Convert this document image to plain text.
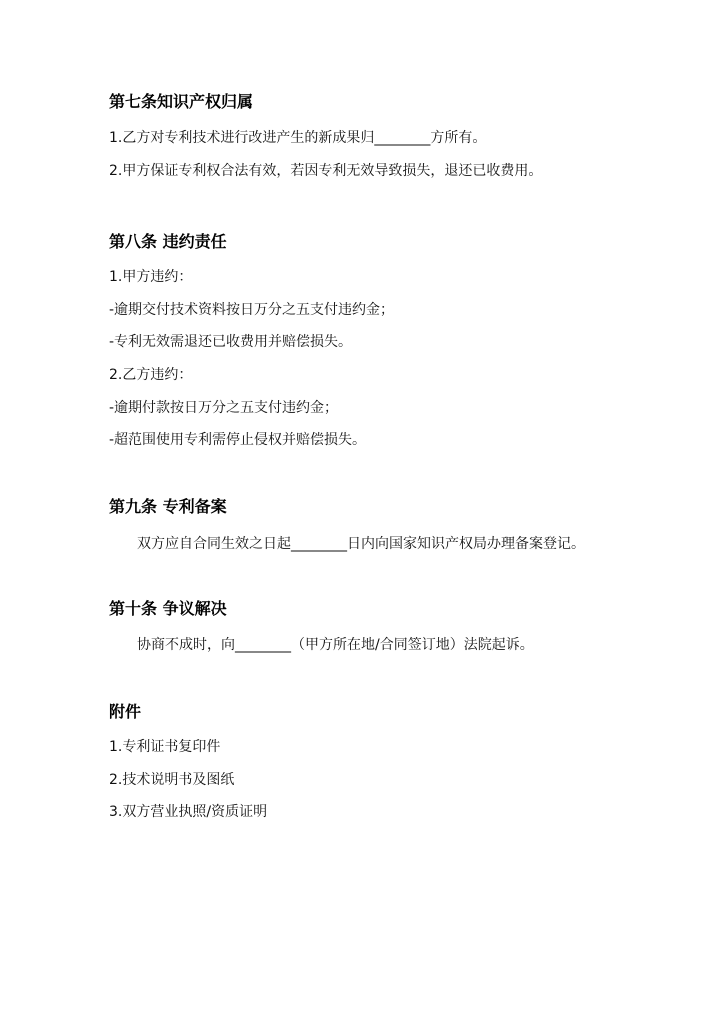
第七条知识产权归属
1.乙方对专利技术进行改进产生的新成果归________方所有。
2.甲方保证专利权合法有效，若因专利无效导致损失，退还已收费用。
第八条 违约责任
1.甲方违约：
-逾期交付技术资料按日万分之五支付违约金；
-专利无效需退还已收费用并赔偿损失。
2.乙方违约：
-逾期付款按日万分之五支付违约金；
-超范围使用专利需停止侵权并赔偿损失。
第九条 专利备案
双方应自合同生效之日起________日内向国家知识产权局办理备案登记。
第十条 争议解决
协商不成时，向________（甲方所在地/合同签订地）法院起诉。
附件
1.专利证书复印件
2.技术说明书及图纸
3.双方营业执照/资质证明
